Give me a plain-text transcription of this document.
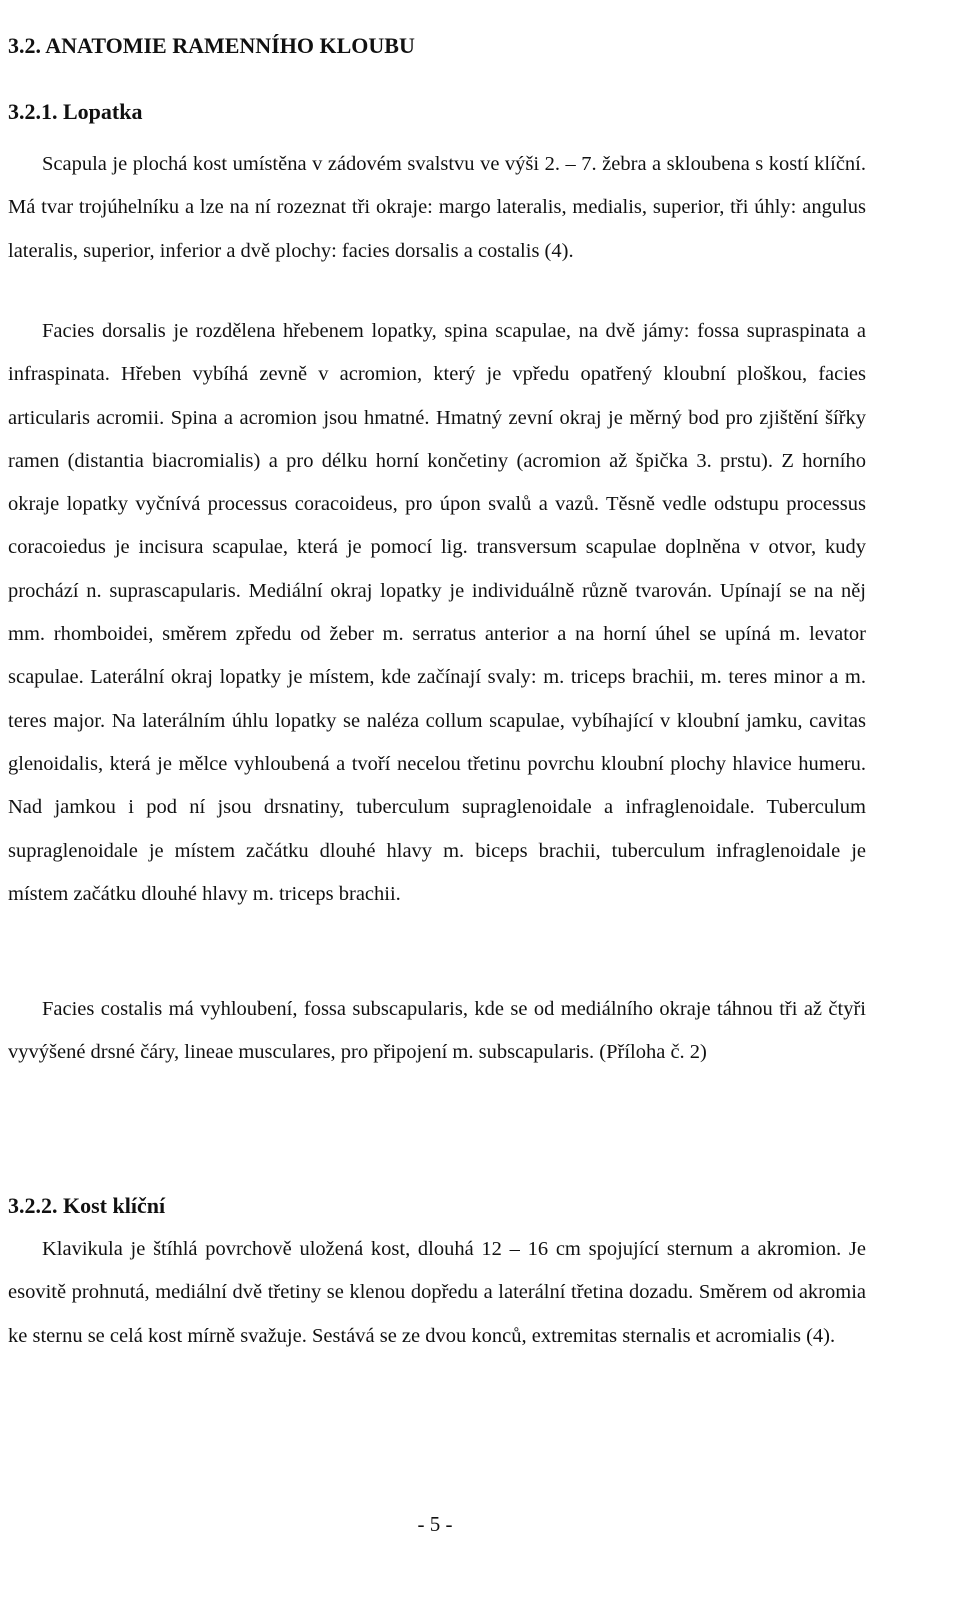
3.2. ANATOMIE RAMENNÍHO KLOUBU
3.2.1. Lopatka

Scapula je plochá kost umístěna v zádovém svalstvu ve výši 2. – 7. žebra a skloubena s kostí klíční. Má tvar trojúhelníku a lze na ní rozeznat tři okraje: margo lateralis, medialis, superior, tři úhly: angulus lateralis, superior, inferior a dvě plochy: facies dorsalis a costalis (4).

Facies dorsalis je rozdělena hřebenem lopatky, spina scapulae, na dvě jámy: fossa supraspinata a infraspinata. Hřeben vybíhá zevně v acromion, který je vpředu opatřený kloubní ploškou, facies articularis acromii. Spina a acromion jsou hmatné. Hmatný zevní okraj je měrný bod pro zjištění šířky ramen (distantia biacromialis) a pro délku horní končetiny (acromion až špička 3. prstu). Z horního okraje lopatky vyčnívá processus coracoideus, pro úpon svalů a vazů. Těsně vedle odstupu processus coracoiedus je incisura scapulae, která je pomocí lig. transversum scapulae doplněna v otvor, kudy prochází n. suprascapularis. Mediální okraj lopatky je individuálně různě tvarován. Upínají se na něj mm. rhomboidei, směrem zpředu od žeber m. serratus anterior a na horní úhel se upíná m. levator scapulae. Laterální okraj lopatky je místem, kde začínají svaly: m. triceps brachii, m. teres minor a m. teres major. Na laterálním úhlu lopatky se naléza collum scapulae, vybíhající v kloubní jamku, cavitas glenoidalis, která je mělce vyhloubená a tvoří necelou třetinu povrchu kloubní plochy hlavice humeru. Nad jamkou i pod ní jsou drsnatiny, tuberculum supraglenoidale a infraglenoidale. Tuberculum supraglenoidale je místem začátku dlouhé hlavy m. biceps brachii, tuberculum infraglenoidale je místem začátku dlouhé hlavy m. triceps brachii.

Facies costalis má vyhloubení, fossa subscapularis, kde se od mediálního okraje táhnou tři až čtyři vyvýšené drsné čáry, lineae musculares, pro připojení m. subscapularis. (Příloha č. 2)

3.2.2. Kost klíční

Klavikula je štíhlá povrchově uložená kost, dlouhá 12 – 16 cm spojující sternum a akromion. Je esovitě prohnutá, mediální dvě třetiny se klenou dopředu a laterální třetina dozadu. Směrem od akromia ke sternu se celá kost mírně svažuje. Sestává se ze dvou konců, extremitas sternalis et acromialis (4).

- 5 -
